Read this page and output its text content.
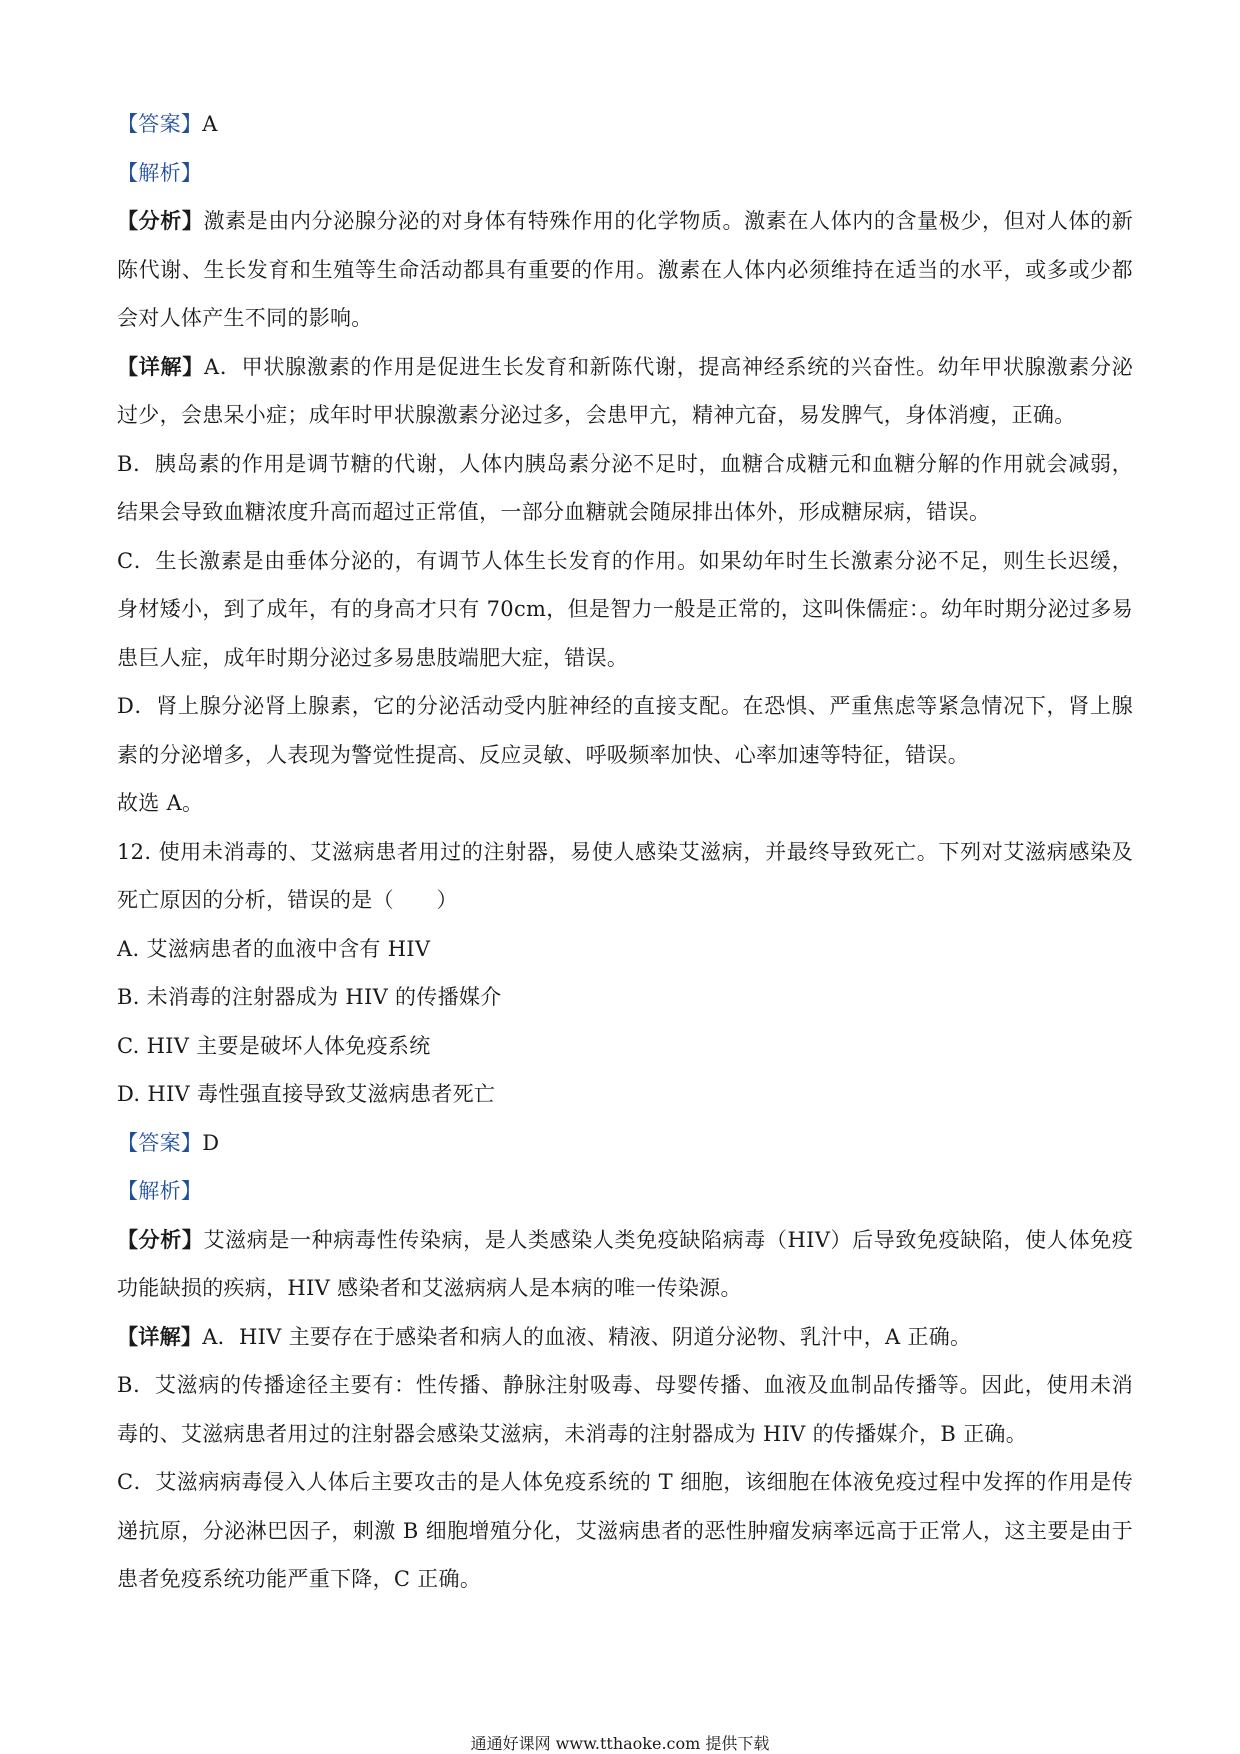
【答案】A

【解析】

【分析】激素是由内分泌腺分泌的对身体有特殊作用的化学物质。激素在人体内的含量极少，但对人体的新陈代谢、生长发育和生殖等生命活动都具有重要的作用。激素在人体内必须维持在适当的水平，或多或少都会对人体产生不同的影响。

【详解】A．甲状腺激素的作用是促进生长发育和新陈代谢，提高神经系统的兴奋性。幼年甲状腺激素分泌过少，会患呆小症；成年时甲状腺激素分泌过多，会患甲亢，精神亢奋，易发脾气，身体消瘦，正确。

B．胰岛素的作用是调节糖的代谢，人体内胰岛素分泌不足时，血糖合成糖元和血糖分解的作用就会减弱，结果会导致血糖浓度升高而超过正常值，一部分血糖就会随尿排出体外，形成糖尿病，错误。

C．生长激素是由垂体分泌的，有调节人体生长发育的作用。如果幼年时生长激素分泌不足，则生长迟缓，身材矮小，到了成年，有的身高才只有 70cm，但是智力一般是正常的，这叫侏儒症：。幼年时期分泌过多易患巨人症，成年时期分泌过多易患肢端肥大症，错误。

D．肾上腺分泌肾上腺素，它的分泌活动受内脏神经的直接支配。在恐惧、严重焦虑等紧急情况下，肾上腺素的分泌增多，人表现为警觉性提高、反应灵敏、呼吸频率加快、心率加速等特征，错误。

故选 A。

12. 使用未消毒的、艾滋病患者用过的注射器，易使人感染艾滋病，并最终导致死亡。下列对艾滋病感染及死亡原因的分析，错误的是（　　）

A. 艾滋病患者的血液中含有 HIV

B. 未消毒的注射器成为 HIV 的传播媒介

C. HIV 主要是破坏人体免疫系统

D. HIV 毒性强直接导致艾滋病患者死亡

【答案】D

【解析】

【分析】艾滋病是一种病毒性传染病，是人类感染人类免疫缺陷病毒（HIV）后导致免疫缺陷，使人体免疫功能缺损的疾病，HIV 感染者和艾滋病病人是本病的唯一传染源。

【详解】A．HIV 主要存在于感染者和病人的血液、精液、阴道分泌物、乳汁中，A 正确。

B．艾滋病的传播途径主要有：性传播、静脉注射吸毒、母婴传播、血液及血制品传播等。因此，使用未消毒的、艾滋病患者用过的注射器会感染艾滋病，未消毒的注射器成为 HIV 的传播媒介，B 正确。

C．艾滋病病毒侵入人体后主要攻击的是人体免疫系统的 T 细胞，该细胞在体液免疫过程中发挥的作用是传递抗原，分泌淋巴因子，刺激 B 细胞增殖分化，艾滋病患者的恶性肿瘤发病率远高于正常人，这主要是由于患者免疫系统功能严重下降，C 正确。

通通好课网 www.tthaoke.com 提供下载
